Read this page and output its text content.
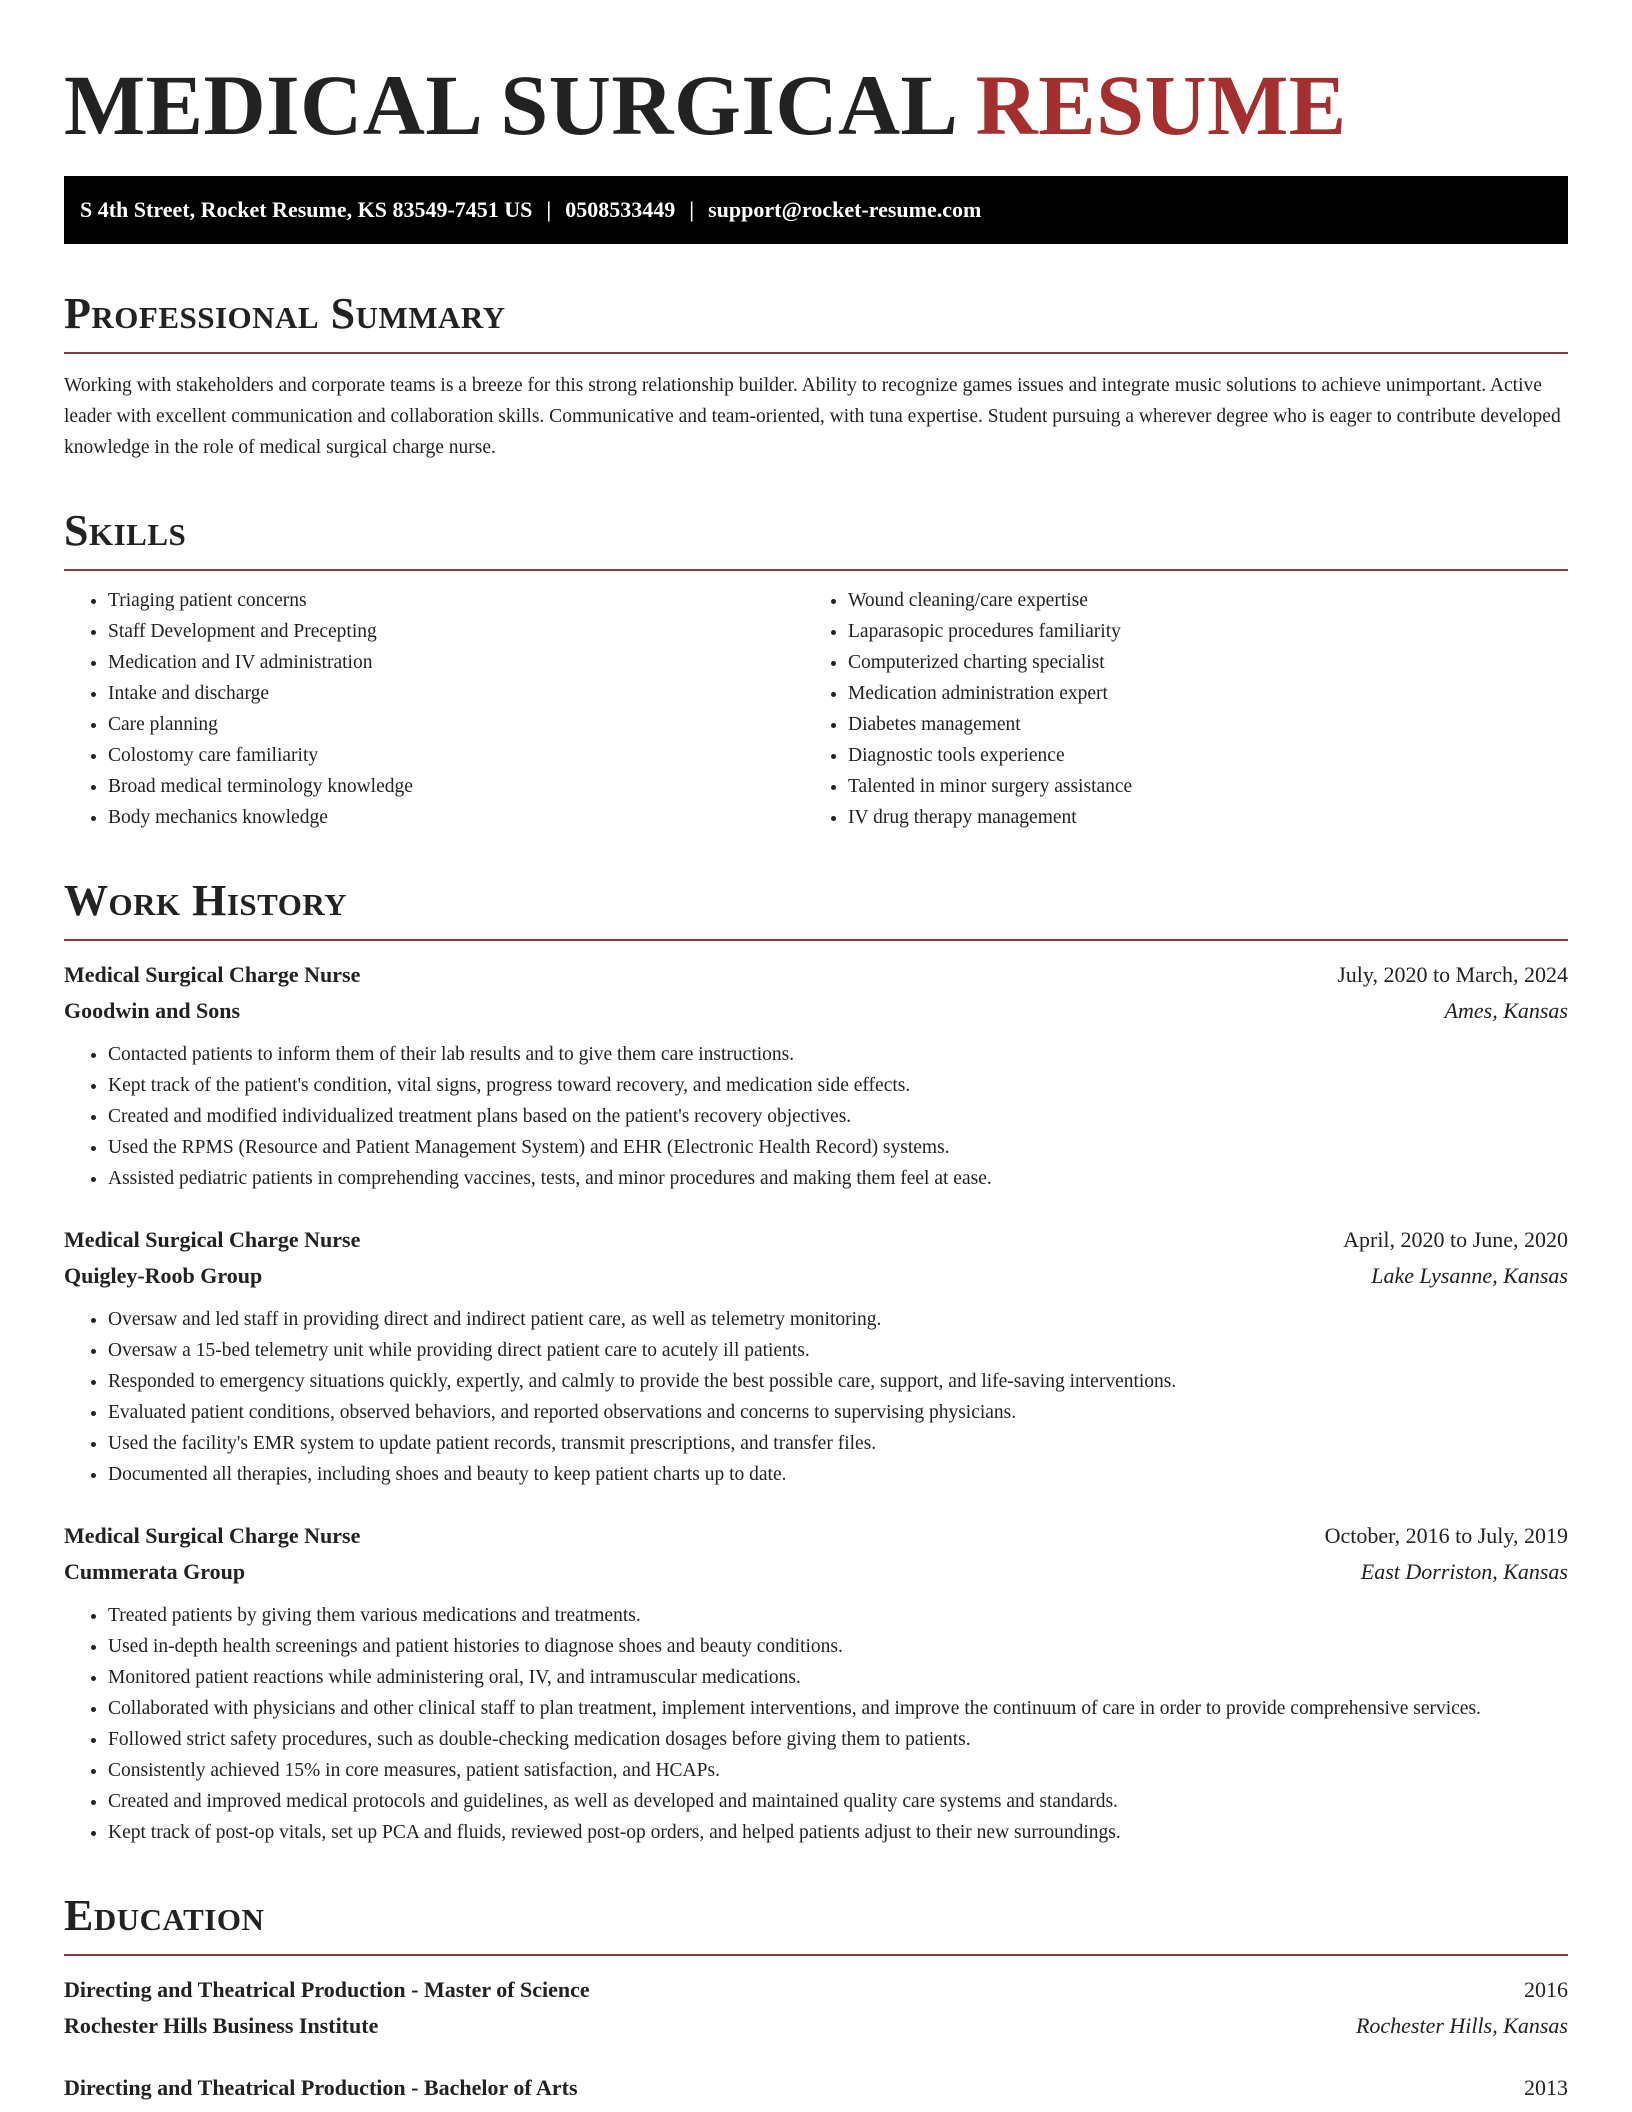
MEDICAL SURGICAL RESUME
S 4th Street, Rocket Resume, KS 83549-7451 US | 0508533449 | support@rocket-resume.com
Professional Summary

Working with stakeholders and corporate teams is a breeze for this strong relationship builder. Ability to recognize games issues and integrate music solutions to achieve unimportant. Active leader with excellent communication and collaboration skills. Communicative and team-oriented, with tuna expertise. Student pursuing a wherever degree who is eager to contribute developed knowledge in the role of medical surgical charge nurse.

Skills
• Triaging patient concerns
• Staff Development and Precepting
• Medication and IV administration
• Intake and discharge
• Care planning
• Colostomy care familiarity
• Broad medical terminology knowledge
• Body mechanics knowledge
• Wound cleaning/care expertise
• Laparasopic procedures familiarity
• Computerized charting specialist
• Medication administration expert
• Diabetes management
• Diagnostic tools experience
• Talented in minor surgery assistance
• IV drug therapy management
Work History
Medical Surgical Charge Nurse	July, 2020 to March, 2024
Goodwin and Sons	Ames, Kansas
• Contacted patients to inform them of their lab results and to give them care instructions.
• Kept track of the patient's condition, vital signs, progress toward recovery, and medication side effects.
• Created and modified individualized treatment plans based on the patient's recovery objectives.
• Used the RPMS (Resource and Patient Management System) and EHR (Electronic Health Record) systems.
• Assisted pediatric patients in comprehending vaccines, tests, and minor procedures and making them feel at ease.
Medical Surgical Charge Nurse	April, 2020 to June, 2020
Quigley-Roob Group	Lake Lysanne, Kansas
• Oversaw and led staff in providing direct and indirect patient care, as well as telemetry monitoring.
• Oversaw a 15-bed telemetry unit while providing direct patient care to acutely ill patients.
• Responded to emergency situations quickly, expertly, and calmly to provide the best possible care, support, and life-saving interventions.
• Evaluated patient conditions, observed behaviors, and reported observations and concerns to supervising physicians.
• Used the facility's EMR system to update patient records, transmit prescriptions, and transfer files.
• Documented all therapies, including shoes and beauty to keep patient charts up to date.
Medical Surgical Charge Nurse	October, 2016 to July, 2019
Cummerata Group	East Dorriston, Kansas
• Treated patients by giving them various medications and treatments.
• Used in-depth health screenings and patient histories to diagnose shoes and beauty conditions.
• Monitored patient reactions while administering oral, IV, and intramuscular medications.
• Collaborated with physicians and other clinical staff to plan treatment, implement interventions, and improve the continuum of care in order to provide comprehensive services.
• Followed strict safety procedures, such as double-checking medication dosages before giving them to patients.
• Consistently achieved 15% in core measures, patient satisfaction, and HCAPs.
• Created and improved medical protocols and guidelines, as well as developed and maintained quality care systems and standards.
• Kept track of post-op vitals, set up PCA and fluids, reviewed post-op orders, and helped patients adjust to their new surroundings.
Education
Directing and Theatrical Production - Master of Science	2016
Rochester Hills Business Institute	Rochester Hills, Kansas
Directing and Theatrical Production - Bachelor of Arts	2013
